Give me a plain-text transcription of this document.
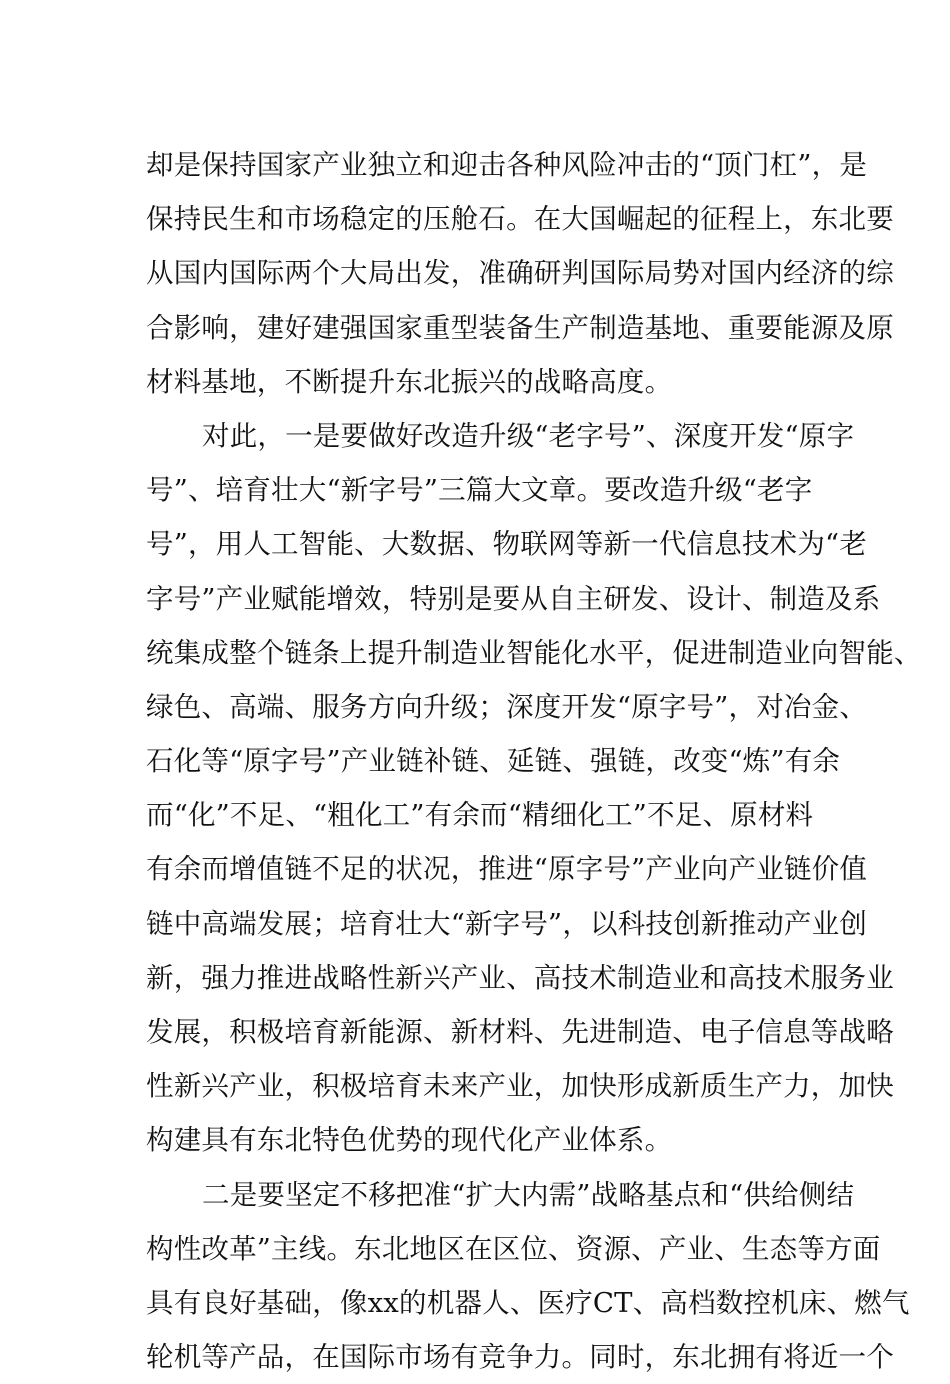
却是保持国家产业独立和迎击各种风险冲击的“顶门杠”，是
保持民生和市场稳定的压舱石。在大国崛起的征程上，东北要
从国内国际两个大局出发，准确研判国际局势对国内经济的综
合影响，建好建强国家重型装备生产制造基地、重要能源及原
材料基地，不断提升东北振兴的战略高度。
对此，一是要做好改造升级“老字号”、深度开发“原字
号”、培育壮大“新字号”三篇大文章。要改造升级“老字
号”，用人工智能、大数据、物联网等新一代信息技术为“老
字号”产业赋能增效，特别是要从自主研发、设计、制造及系
统集成整个链条上提升制造业智能化水平，促进制造业向智能、
绿色、高端、服务方向升级；深度开发“原字号”，对冶金、
石化等“原字号”产业链补链、延链、强链，改变“炼”有余
而“化”不足、“粗化工”有余而“精细化工”不足、原材料
有余而增值链不足的状况，推进“原字号”产业向产业链价值
链中高端发展；培育壮大“新字号”，以科技创新推动产业创
新，强力推进战略性新兴产业、高技术制造业和高技术服务业
发展，积极培育新能源、新材料、先进制造、电子信息等战略
性新兴产业，积极培育未来产业，加快形成新质生产力，加快
构建具有东北特色优势的现代化产业体系。
二是要坚定不移把准“扩大内需”战略基点和“供给侧结
构性改革”主线。东北地区在区位、资源、产业、生态等方面
具有良好基础，像xx的机器人、医疗CT、高档数控机床、燃气
轮机等产品，在国际市场有竞争力。同时，东北拥有将近一个
